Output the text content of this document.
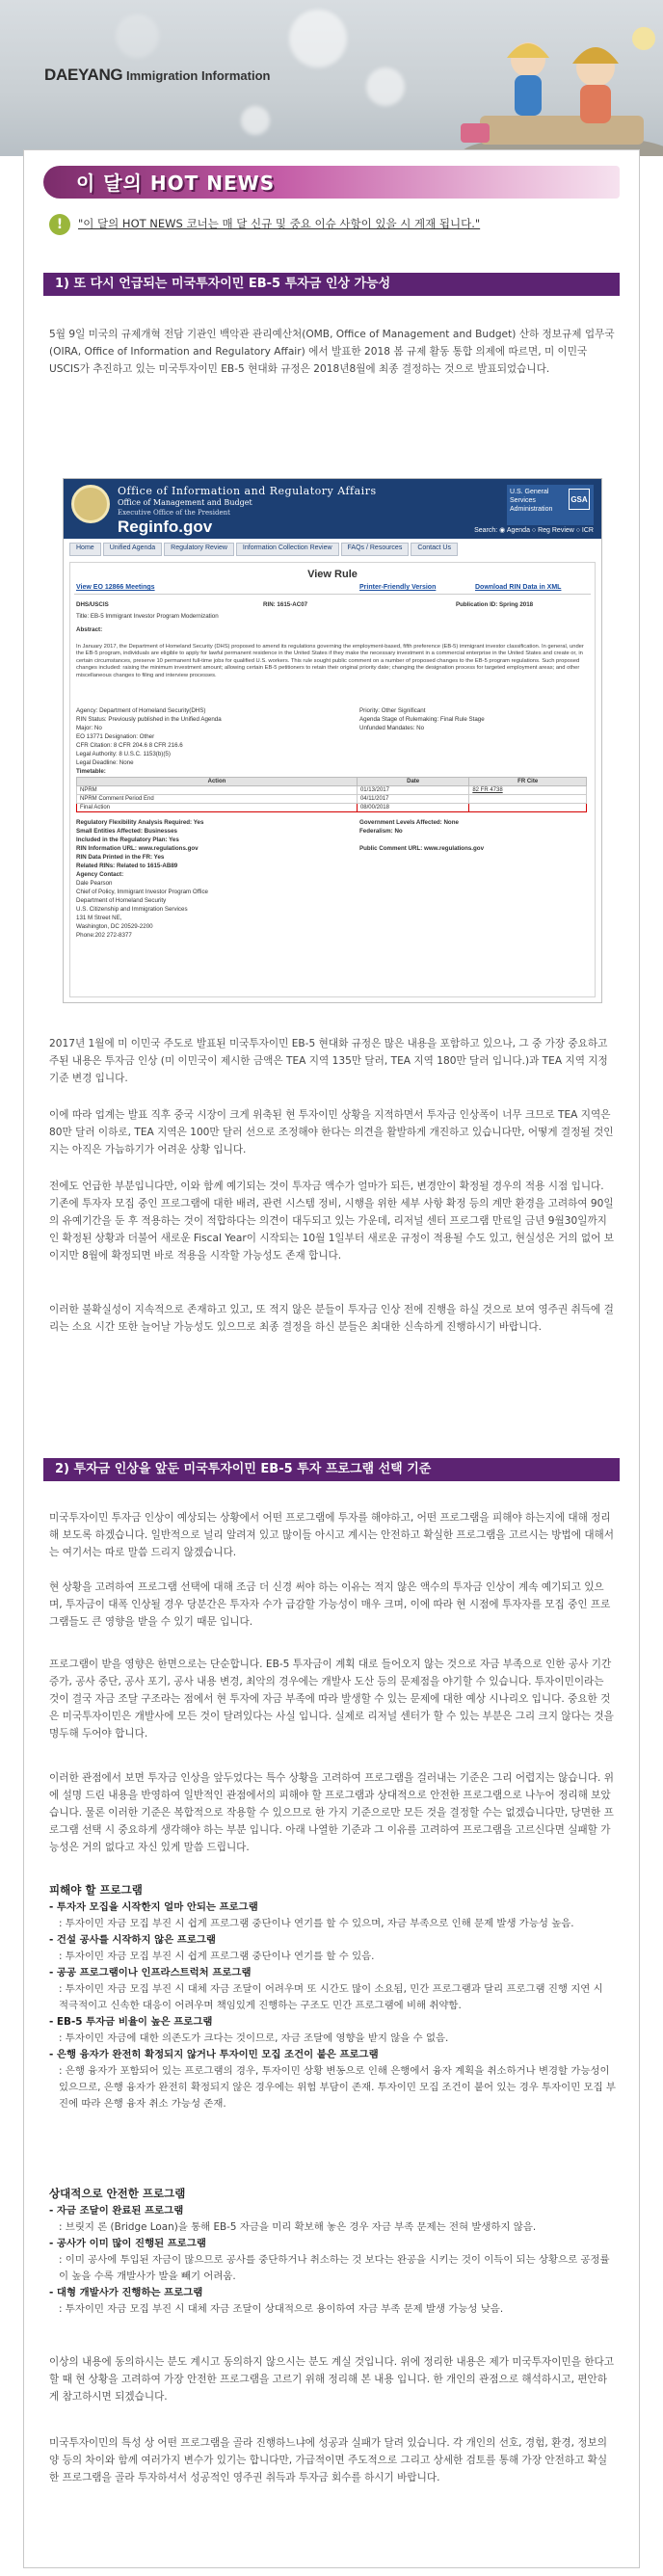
DAEYANG Immigration Information
이 달의 HOT NEWS
!	"이 달의 HOT NEWS 코너는 매 달 신규 및 중요 이슈 사항이 있을 시 게재 됩니다."
1) 또 다시 언급되는 미국투자이민 EB-5 투자금 인상 가능성
5월 9일 미국의 규제개혁 전담 기관인 백악관 관리예산처(OMB, Office of Management and Budget) 산하 정보규제 업무국(OIRA, Office of Information and Regulatory Affair) 에서 발표한 2018 봄 규제 활동 통합 의제에 따르면, 미 이민국 USCIS가 추진하고 있는 미국투자이민 EB-5 현대화 규정은 2018년8월에 최종 결정하는 것으로 발표되었습니다.
Office of Information and Regulatory Affairs
Office of Management and Budget
Executive Office of the President
Reginfo.gov
U.S. General Services Administration
GSA
Search: ◉ Agenda ○ Reg Review ○ ICR
Home	Unified Agenda	Regulatory Review	Information Collection Review	FAQs / Resources	Contact Us
View Rule
View EO 12866 Meetings	Printer-Friendly Version	Download RIN Data in XML
DHS/USCIS	RIN: 1615-AC07	Publication ID: Spring 2018
Title: EB-5 Immigrant Investor Program Modernization
Abstract:
In January 2017, the Department of Homeland Security (DHS) proposed to amend its regulations governing the employment-based, fifth preference (EB-5) immigrant investor classification. In general, under the EB-5 program, individuals are eligible to apply for lawful permanent residence in the United States if they make the necessary investment in a commercial enterprise in the United States and create or, in certain circumstances, preserve 10 permanent full-time jobs for qualified U.S. workers. This rule sought public comment on a number of proposed changes to the EB-5 program regulations. Such proposed changes included: raising the minimum investment amount; allowing certain EB-5 petitioners to retain their original priority date; changing the designation process for targeted employment areas; and other miscellaneous changes to filing and interview processes.
Agency: Department of Homeland Security(DHS)
RIN Status: Previously published in the Unified Agenda
Major: No
EO 13771 Designation: Other
CFR Citation: 8 CFR 204.6 8 CFR 216.6
Legal Authority: 8 U.S.C. 1153(b)(5)
Legal Deadline: None
Timetable:
Priority: Other Significant
Agenda Stage of Rulemaking: Final Rule Stage
Unfunded Mandates: No
Action	Date	FR Cite
NPRM	01/13/2017	82 FR 4738
NPRM Comment Period End	04/11/2017	
Final Action	08/00/2018	
Regulatory Flexibility Analysis Required: Yes
Small Entities Affected: Businesses
Included in the Regulatory Plan: Yes
RIN Information URL: www.regulations.gov
RIN Data Printed in the FR: Yes
Related RINs: Related to 1615-AB89
Agency Contact:
Dale Pearson
Chief of Policy, Immigrant Investor Program Office
Department of Homeland Security
U.S. Citizenship and Immigration Services
131 M Street NE,
Washington, DC 20529-2200
Phone:202 272-8377
Government Levels Affected: None
Federalism: No
Public Comment URL: www.regulations.gov
2017년 1월에 미 이민국 주도로 발표된 미국투자이민 EB-5 현대화 규정은 많은 내용을 포함하고 있으나, 그 중 가장 중요하고 주된 내용은 투자금 인상 (미 이민국이 제시한 금액은 TEA 지역 135만 달러, TEA 지역 180만 달러 입니다.)과 TEA 지역 지정 기준 변경 입니다.
이에 따라 업계는 발표 직후 중국 시장이 크게 위축된 현 투자이민 상황을 지적하면서 투자금 인상폭이 너무 크므로 TEA 지역은 80만 달러 이하로, TEA 지역은 100만 달러 선으로 조정해야 한다는 의견을 활발하게 개진하고 있습니다만, 어떻게 결정될 것인지는 아직은 가늠하기가 어려운 상황 입니다.
전에도 언급한 부분입니다만, 이와 함께 예기되는 것이 투자금 액수가 얼마가 되든, 변경안이 확정될 경우의 적용 시점 입니다. 기존에 투자자 모집 중인 프로그램에 대한 배려, 관련 시스템 정비, 시행을 위한 세부 사항 확정 등의 계만 환경을 고려하여 90일의 유예기간을 둔 후 적용하는 것이 적합하다는 의견이 대두되고 있는 가운데, 리저널 센터 프로그램 만료일 금년 9월30일까지인 확정된 상황과 더불어 새로운 Fiscal Year이 시작되는 10월 1일부터 새로운 규정이 적용될 수도 있고, 현실성은 거의 없어 보이지만 8월에 확정되면 바로 적용을 시작할 가능성도 존재 합니다.
이러한 불확실성이 지속적으로 존재하고 있고, 또 적지 않은 분들이 투자금 인상 전에 진행을 하실 것으로 보여 영주권 취득에 걸리는 소요 시간 또한 늘어날 가능성도 있으므로 최종 결정을 하신 분들은 최대한 신속하게 진행하시기 바랍니다.
2) 투자금 인상을 앞둔 미국투자이민 EB-5 투자 프로그램 선택 기준
미국투자이민 투자금 인상이 예상되는 상황에서 어떤 프로그램에 투자를 해야하고, 어떤 프로그램을 피해야 하는지에 대해 정리해 보도록 하겠습니다. 일반적으로 널리 알려져 있고 많이들 아시고 계시는 안전하고 확실한 프로그램을 고르시는 방법에 대해서는 여기서는 따로 말씀 드리지 않겠습니다.
현 상황을 고려하여 프로그램 선택에 대해 조금 더 신경 써야 하는 이유는 적지 않은 액수의 투자금 인상이 계속 예기되고 있으며, 투자금이 대폭 인상될 경우 당분간은 투자자 수가 급감할 가능성이 매우 크며, 이에 따라 현 시점에 투자자를 모집 중인 프로그램들도 큰 영향을 받을 수 있기 때문 입니다.
프로그램이 받을 영향은 한면으로는 단순합니다. EB-5 투자금이 계획 대로 들어오지 않는 것으로 자금 부족으로 인한 공사 기간 증가, 공사 중단, 공사 포기, 공사 내용 변경, 최악의 경우에는 개발사 도산 등의 문제점을 야기할 수 있습니다. 투자이민이라는 것이 결국 자금 조달 구조라는 점에서 현 투자에 자금 부족에 따라 발생할 수 있는 문제에 대한 예상 시나리오 입니다. 중요한 것은 미국투자이민은 개발사에 모든 것이 달려있다는 사실 입니다. 실제로 리저널 센터가 할 수 있는 부분은 그리 크지 않다는 것을 명두해 두어야 합니다.
이러한 관점에서 보면 투자금 인상을 앞두었다는 특수 상황을 고려하여 프로그램을 걸러내는 기준은 그리 어렵지는 않습니다. 위에 설명 드린 내용을 반영하여 일반적인 관점에서의 피해야 할 프로그램과 상대적으로 안전한 프로그램으로 나누어 정리해 보았습니다. 물론 이러한 기준은 복합적으로 작용할 수 있으므로 한 가지 기준으로만 모든 것을 결정할 수는 없겠습니다만, 당면한 프로그램 선택 시 중요하게 생각해야 하는 부분 입니다. 아래 나열한 기준과 그 이유를 고려하여 프로그램을 고르신다면 실패할 가능성은 거의 없다고 자신 있게 말씀 드립니다.
피해야 할 프로그램
- 투자자 모집을 시작한지 얼마 안되는 프로그램
: 투자이민 자금 모집 부진 시 쉽게 프로그램 중단이나 연기를 할 수 있으며, 자금 부족으로 인해 문제 발생 가능성 높음.
- 건설 공사를 시작하지 않은 프로그램
: 투자이민 자금 모집 부진 시 쉽게 프로그램 중단이나 연기를 할 수 있음.
- 공공 프로그램이나 인프라스트럭처 프로그램
: 투자이민 자금 모집 부진 시 대체 자금 조달이 어려우며 또 시간도 많이 소요됨, 민간 프로그램과 달리 프로그램 진행 지연 시 적극적이고 신속한 대응이 어려우며 책임있게 진행하는 구조도 민간 프로그램에 비해 취약함.
- EB-5 투자금 비율이 높은 프로그램
: 투자이민 자금에 대한 의존도가 크다는 것이므로, 자금 조달에 영향을 받지 않을 수 없음.
- 은행 융자가 완전히 확정되지 않거나 투자이민 모집 조건이 붙은 프로그램
: 은행 융자가 포함되어 있는 프로그램의 경우, 투자이민 상황 변동으로 인해 은행에서 융자 계획을 취소하거나 변경할 가능성이 있으므로, 은행 융자가 완전히 확정되지 않은 경우에는 위험 부담이 존재. 투자이민 모집 조건이 붙어 있는 경우 투자이민 모집 부진에 따라 은행 융자 취소 가능성 존재.
상대적으로 안전한 프로그램
- 자금 조달이 완료된 프로그램
: 브릿지 론 (Bridge Loan)을 통해 EB-5 자금을 미리 확보해 놓은 경우 자금 부족 문제는 전혀 발생하지 않음.
- 공사가 이미 많이 진행된 프로그램
: 이미 공사에 투입된 자금이 많으므로 공사를 중단하거나 취소하는 것 보다는 완공을 시키는 것이 이득이 되는 상황으로 공정률이 높을 수록 개발사가 발을 빼기 어려움.
- 대형 개발사가 진행하는 프로그램
: 투자이민 자금 모집 부진 시 대체 자금 조달이 상대적으로 용이하여 자금 부족 문제 발생 가능성 낮음.
이상의 내용에 동의하시는 분도 계시고 동의하지 않으시는 분도 계실 것입니다. 위에 정리한 내용은 제가 미국투자이민을 한다고 할 때 현 상황을 고려하여 가장 안전한 프로그램을 고르기 위해 정리해 본 내용 입니다. 한 개인의 관점으로 해석하시고, 편안하게 참고하시면 되겠습니다.
미국투자이민의 특성 상 어떤 프로그램을 골라 진행하느냐에 성공과 실패가 달려 있습니다. 각 개인의 선호, 경험, 환경, 정보의 양 등의 차이와 함께 여러가지 변수가 있기는 합니다만, 가급적이면 주도적으로 그리고 상세한 검토를 통해 가장 안전하고 확실한 프로그램을 골라 투자하셔서 성공적인 영주권 취득과 투자금 회수를 하시기 바랍니다.
